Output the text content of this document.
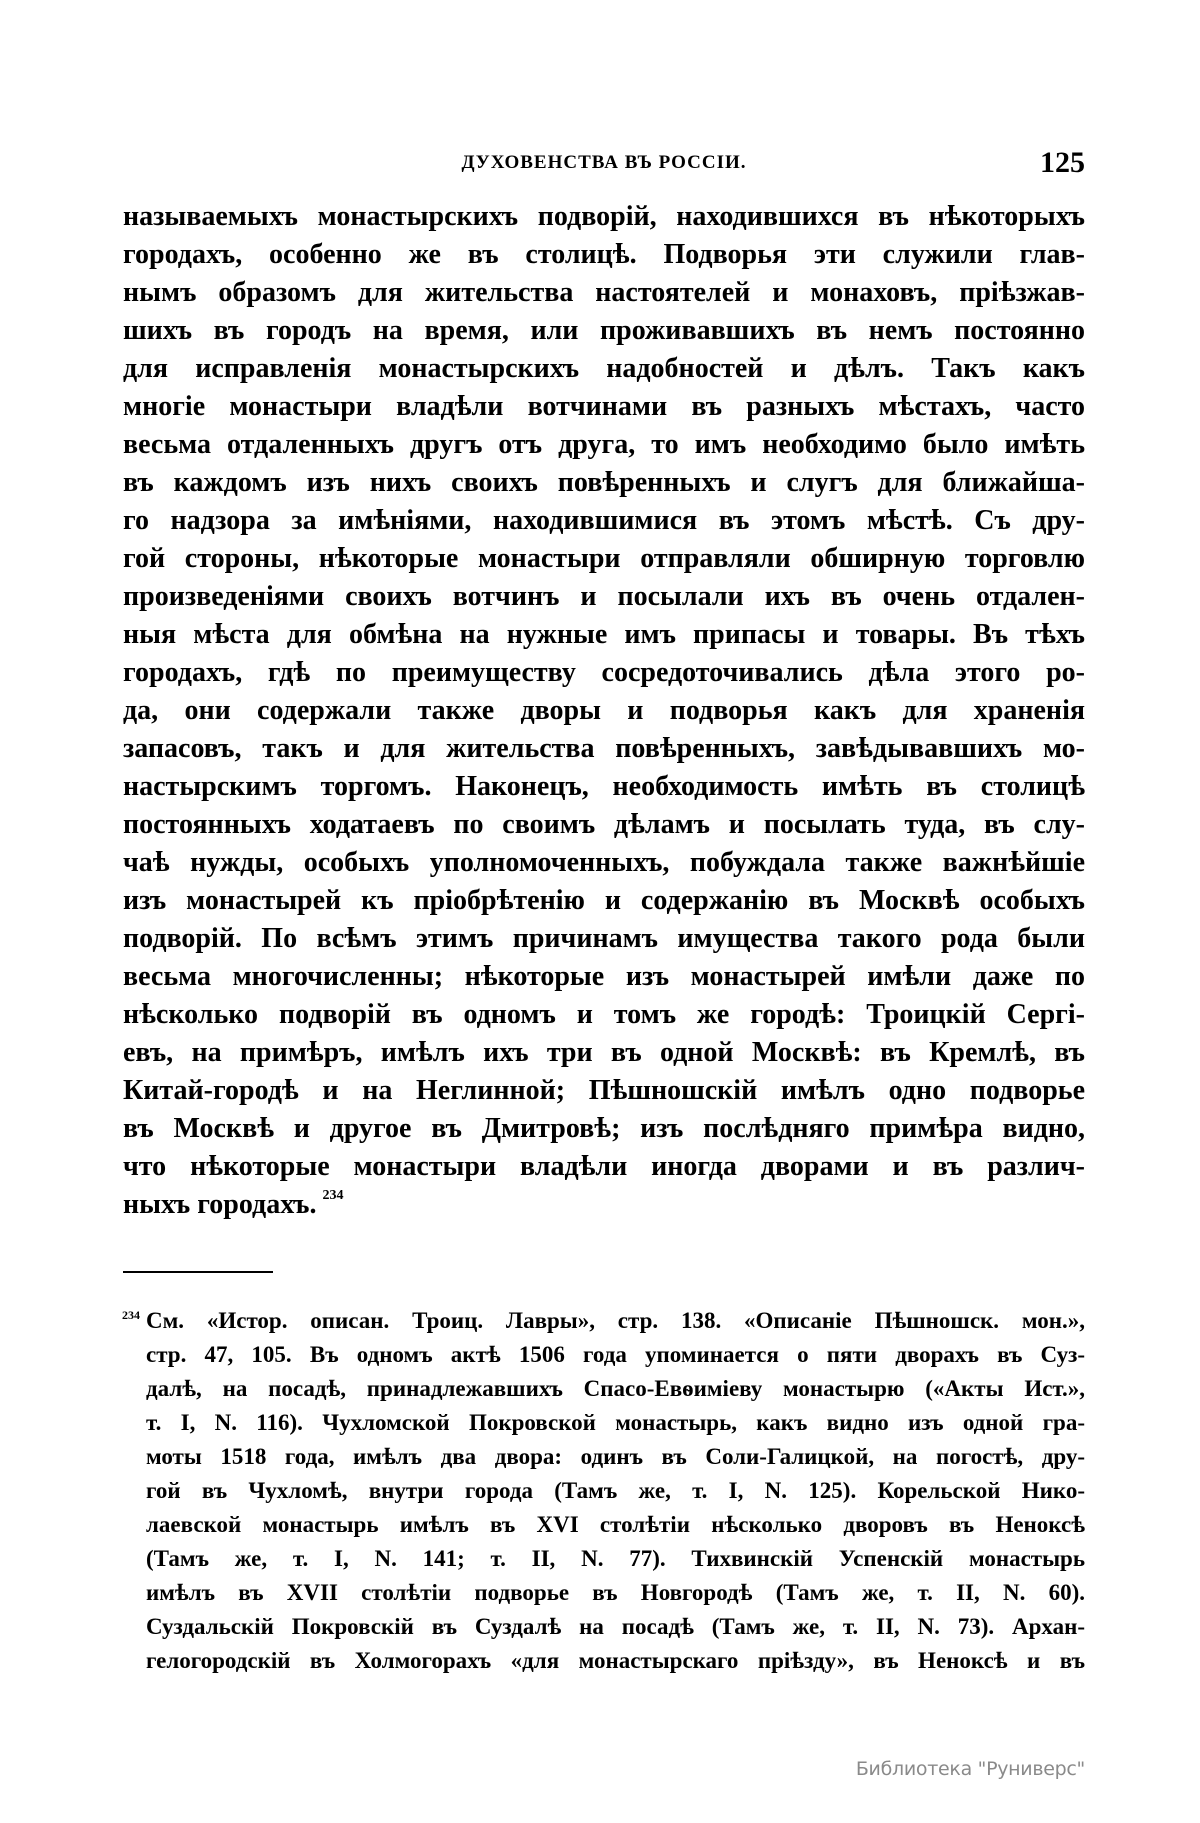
ДУХОВЕНСТВА ВЪ РОССІИ.	125
называемыхъ монастырскихъ подворій, находившихся въ нѣкоторыхъ
городахъ, особенно же въ столицѣ. Подворья эти служили глав-
нымъ образомъ для жительства настоятелей и монаховъ, пріѣзжав-
шихъ въ городъ на время, или проживавшихъ въ немъ постоянно
для исправленія монастырскихъ надобностей и дѣлъ. Такъ какъ
многіе монастыри владѣли вотчинами въ разныхъ мѣстахъ, часто
весьма отдаленныхъ другъ отъ друга, то имъ необходимо было имѣть
въ каждомъ изъ нихъ своихъ повѣренныхъ и слугъ для ближайша-
го надзора за имѣніями, находившимися въ этомъ мѣстѣ. Съ дру-
гой стороны, нѣкоторые монастыри отправляли обширную торговлю
произведеніями своихъ вотчинъ и посылали ихъ въ очень отдален-
ныя мѣста для обмѣна на нужные имъ припасы и товары. Въ тѣхъ
городахъ, гдѣ по преимуществу сосредоточивались дѣла этого ро-
да, они содержали также дворы и подворья какъ для храненія
запасовъ, такъ и для жительства повѣренныхъ, завѣдывавшихъ мо-
настырскимъ торгомъ. Наконецъ, необходимость имѣть въ столицѣ
постоянныхъ ходатаевъ по своимъ дѣламъ и посылать туда, въ слу-
чаѣ нужды, особыхъ уполномоченныхъ, побуждала также важнѣйшіе
изъ монастырей къ пріобрѣтенію и содержанію въ Москвѣ особыхъ
подворій. По всѣмъ этимъ причинамъ имущества такого рода были
весьма многочисленны; нѣкоторые изъ монастырей имѣли даже по
нѣсколько подворій въ одномъ и томъ же городѣ: Троицкій Сергі-
евъ, на примѣръ, имѣлъ ихъ три въ одной Москвѣ: въ Кремлѣ, въ
Китай-городѣ и на Неглинной; Пѣшношскій имѣлъ одно подворье
въ Москвѣ и другое въ Дмитровѣ; изъ послѣдняго примѣра видно,
что нѣкоторые монастыри владѣли иногда дворами и въ различ-
ныхъ городахъ. $^{234}$
$^{234}$ См. «Истор. описан. Троиц. Лавры», стр. 138. «Описаніе Пѣшношск. мон.»,
стр. 47, 105. Въ одномъ актѣ 1506 года упоминается о пяти дворахъ въ Суз-
далѣ, на посадѣ, принадлежавшихъ Спасо-Евѳиміеву монастырю («Акты Ист.»,
т. I, N. 116). Чухломской Покровской монастырь, какъ видно изъ одной гра-
моты 1518 года, имѣлъ два двора: одинъ въ Соли-Галицкой, на погостѣ, дру-
гой въ Чухломѣ, внутри города (Тамъ же, т. I, N. 125). Корельской Нико-
лаевской монастырь имѣлъ въ XVI столѣтіи нѣсколько дворовъ въ Неноксѣ
(Тамъ же, т. I, N. 141; т. II, N. 77). Тихвинскій Успенскій монастырь
имѣлъ въ XVII столѣтіи подворье въ Новгородѣ (Тамъ же, т. II, N. 60).
Суздальскій Покровскій въ Суздалѣ на посадѣ (Тамъ же, т. II, N. 73). Архан-
гелогородскій въ Холмогорахъ «для монастырскаго пріѣзду», въ Неноксѣ и въ
Библиотека "Руниверс"
